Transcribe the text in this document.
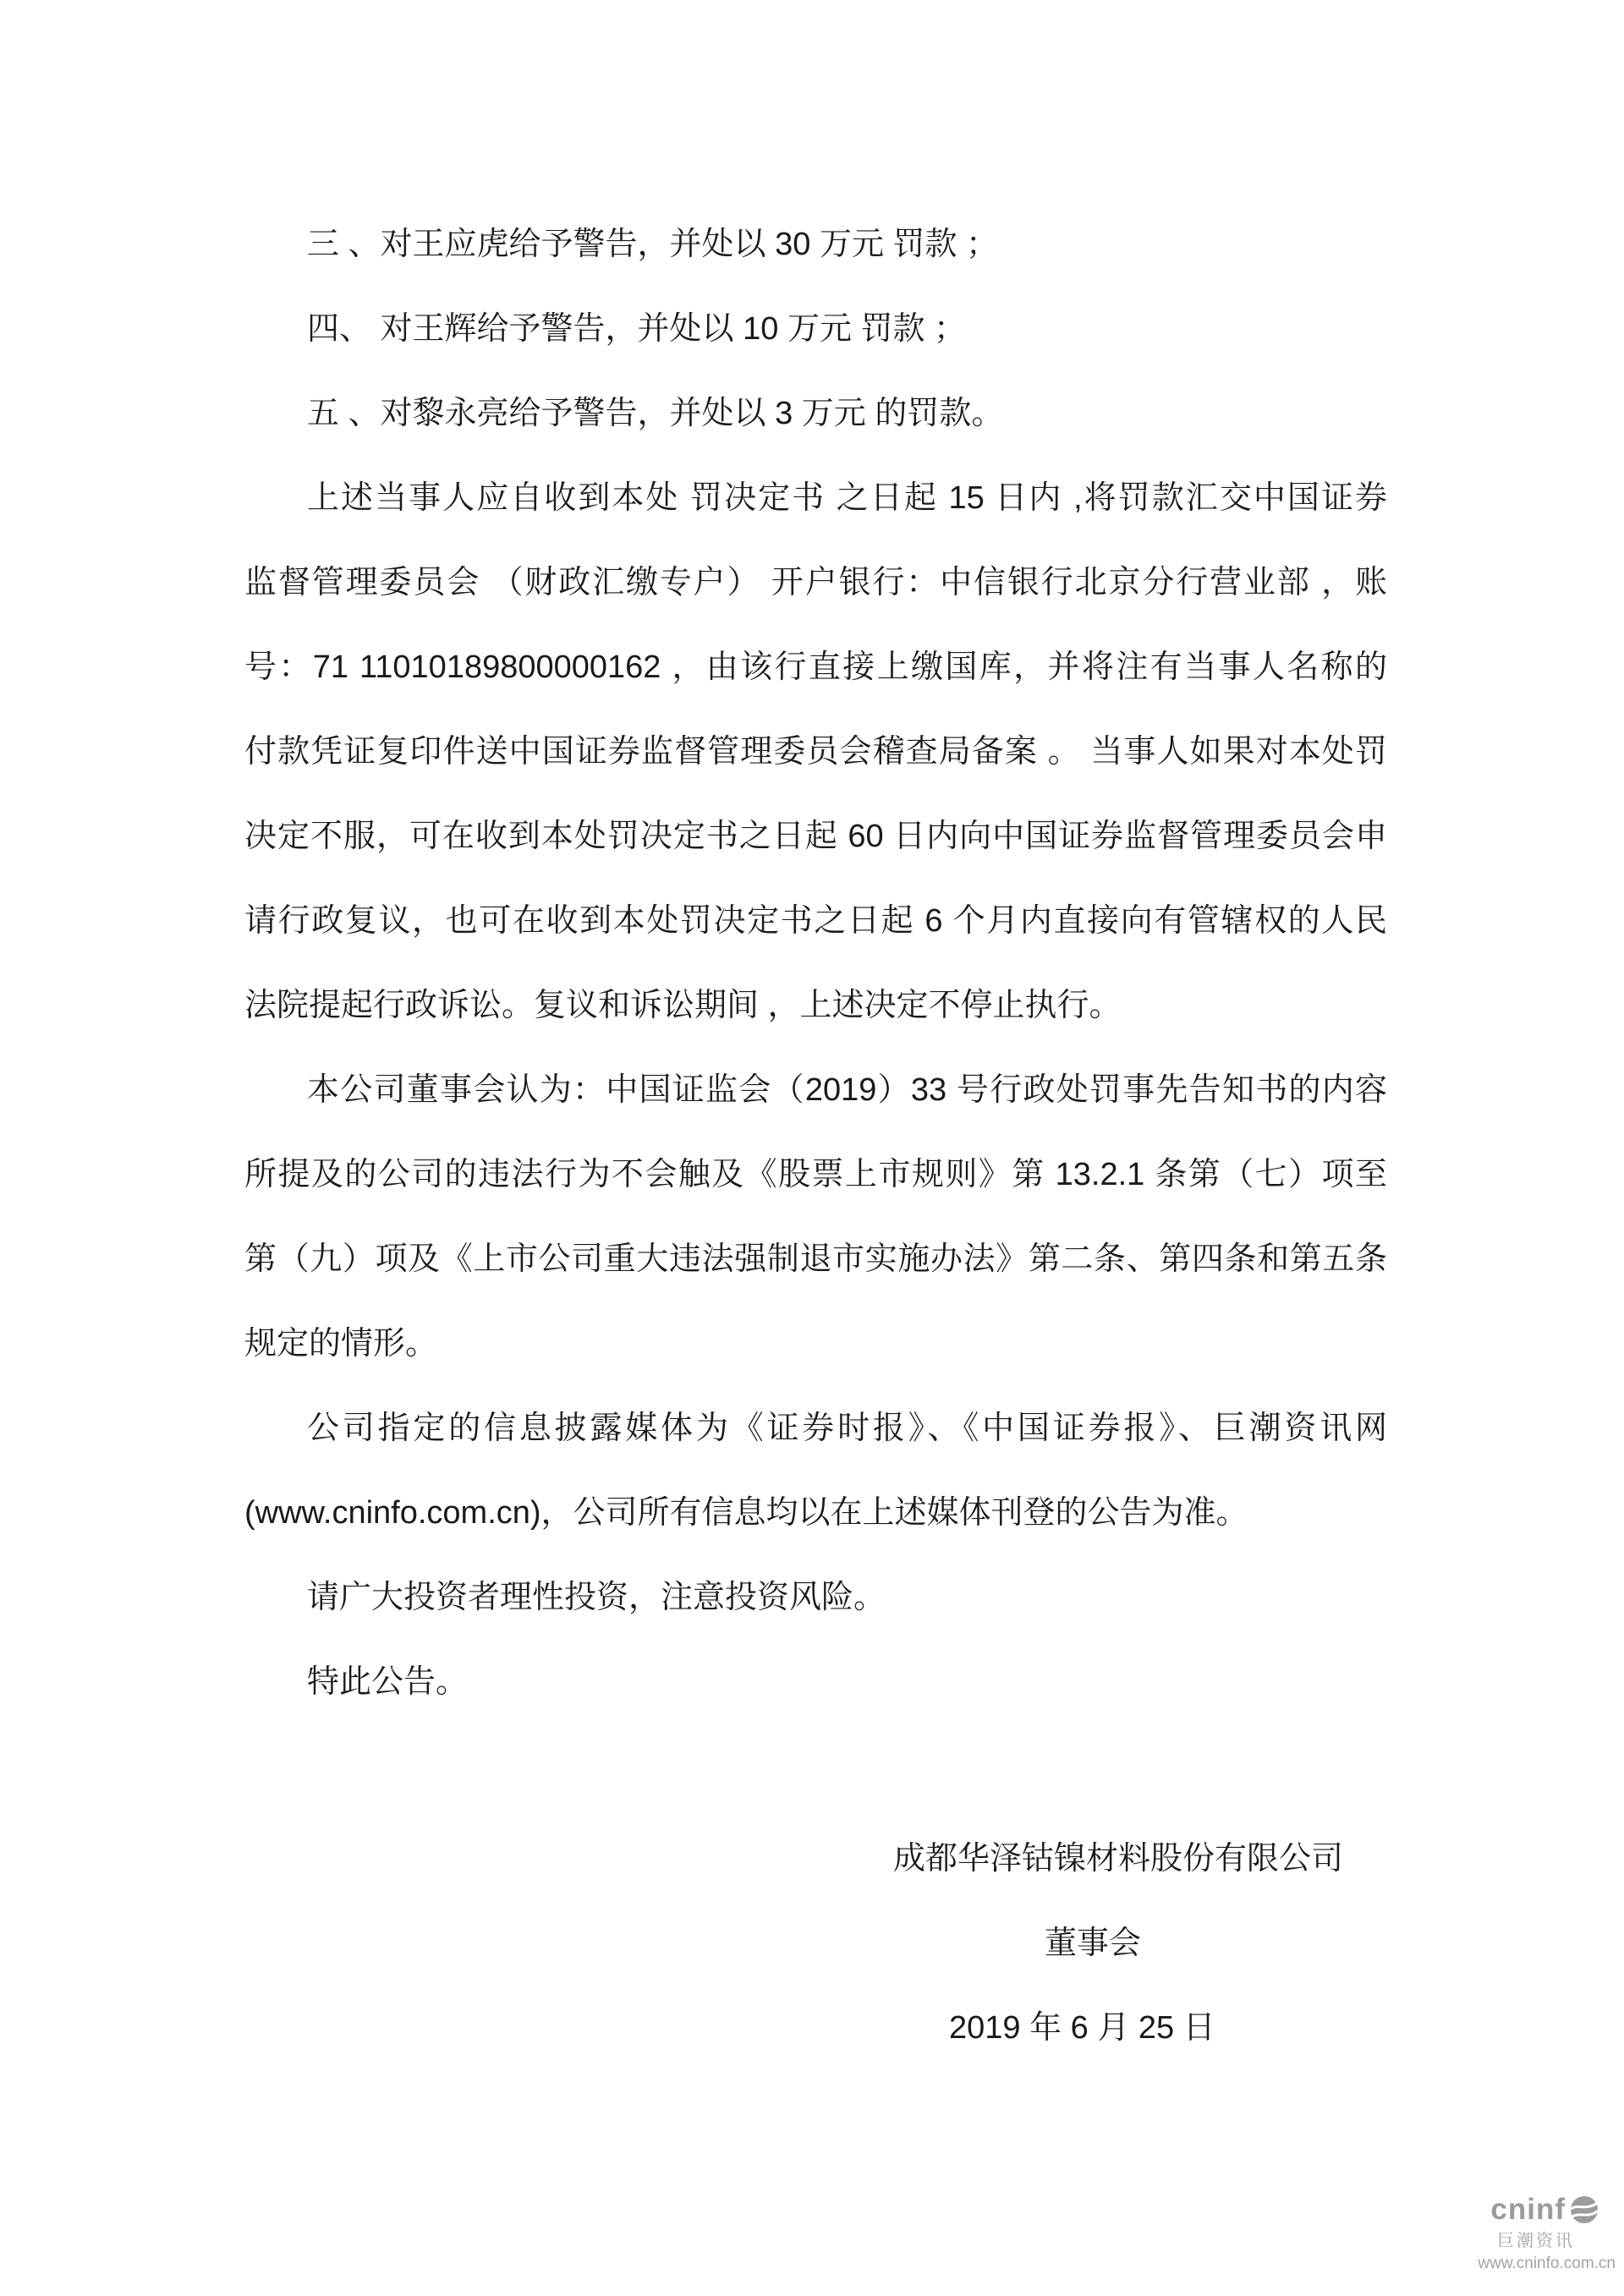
三 、对王应虎给予警告，并处以 30 万元 罚款 ；
四、 对王辉给予警告，并处以 10 万元 罚款 ；
五 、对黎永亮给予警告，并处以 3 万元 的罚款。
上述当事人应自收到本处 罚决定书 之日起 15 日内 ,将罚款汇交中国证券
监督管理委员会 （财政汇缴专户） 开户银行：中信银行北京分行营业部 ，账
号：71 11010189800000162 ，由该行直接上缴国库，并将注有当事人名称的
付款凭证复印件送中国证券监督管理委员会稽查局备案 。 当事人如果对本处罚
决定不服，可在收到本处罚决定书之日起 60 日内向中国证券监督管理委员会申
请行政复议，也可在收到本处罚决定书之日起 6 个月内直接向有管辖权的人民
法院提起行政诉讼。复议和诉讼期间 ，上述决定不停止执行。
本公司董事会认为：中国证监会（2019）33 号行政处罚事先告知书的内容
所提及的公司的违法行为不会触及《股票上市规则》第 13.2.1 条第（七）项至
第（九）项及《上市公司重大违法强制退市实施办法》第二条、第四条和第五条
规定的情形。
公司指定的信息披露媒体为《证券时报》、《中国证券报》、巨潮资讯网
(www.cninfo.com.cn)，公司所有信息均以在上述媒体刊登的公告为准。
请广大投资者理性投资，注意投资风险。
特此公告。
成都华泽钴镍材料股份有限公司
董事会
2019 年 6 月 25 日
cninf
巨潮资讯
www.cninfo.com.cn
